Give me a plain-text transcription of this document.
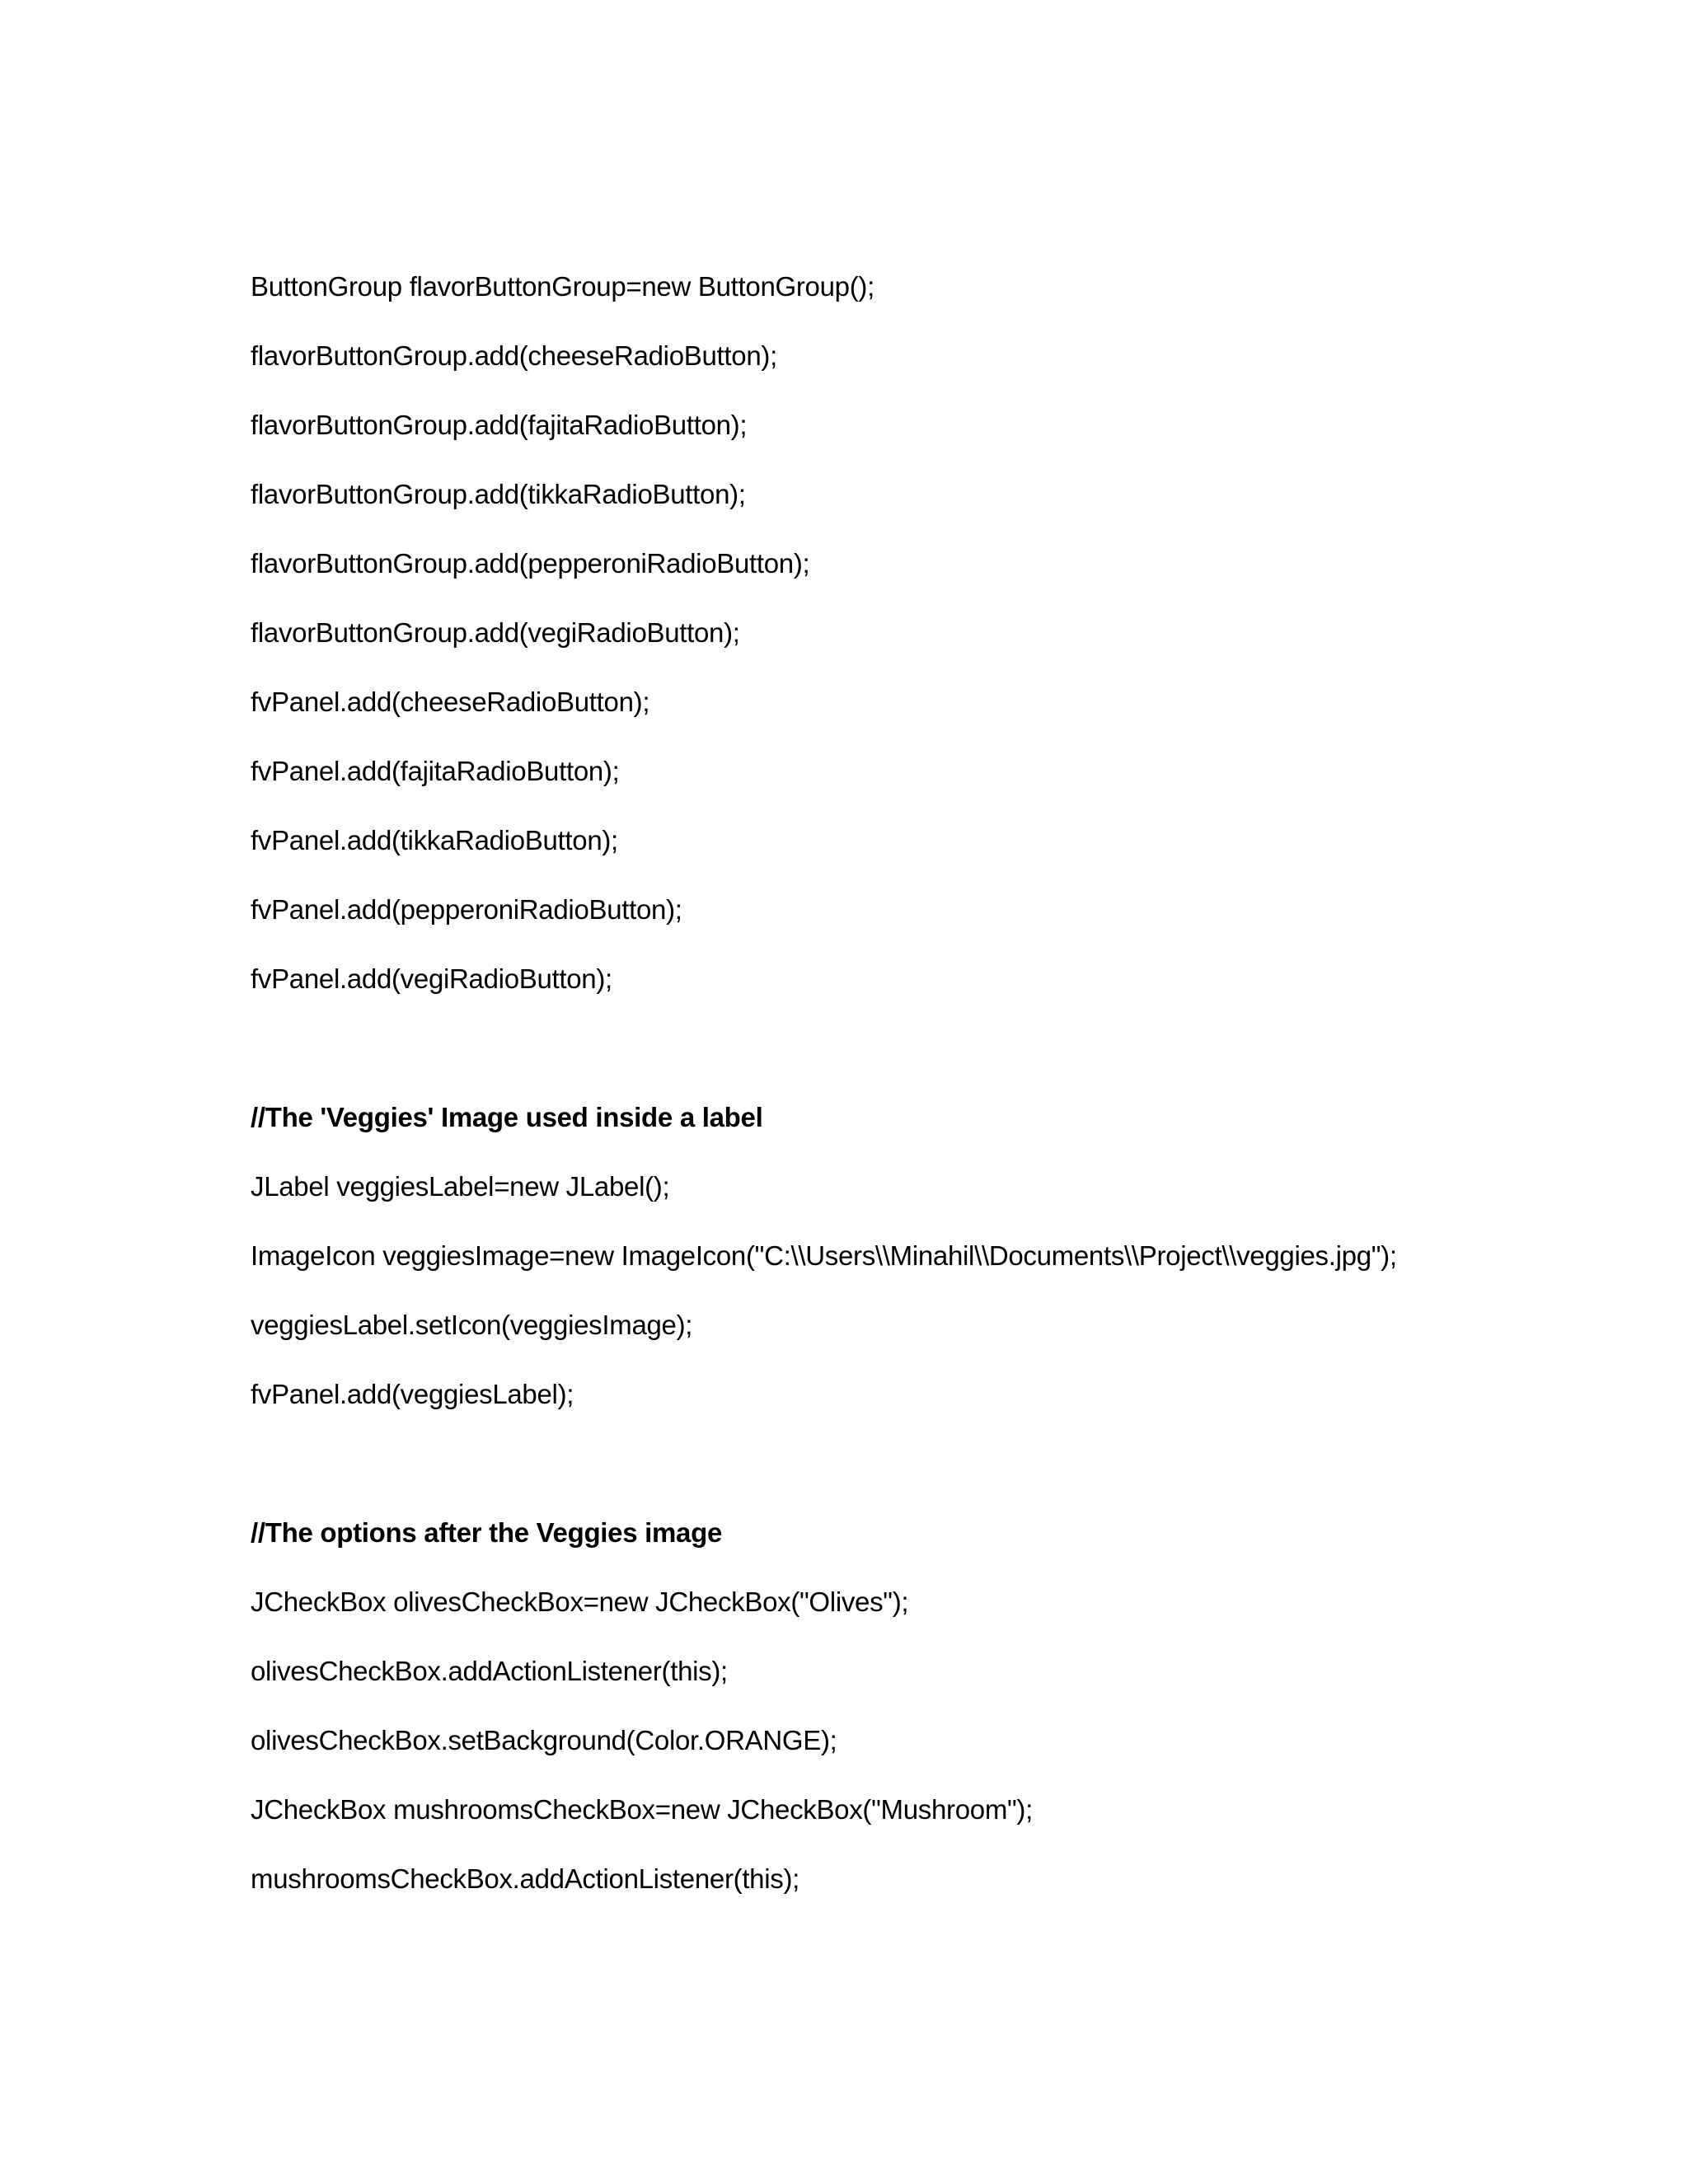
ButtonGroup flavorButtonGroup=new ButtonGroup();
flavorButtonGroup.add(cheeseRadioButton);
flavorButtonGroup.add(fajitaRadioButton);
flavorButtonGroup.add(tikkaRadioButton);
flavorButtonGroup.add(pepperoniRadioButton);
flavorButtonGroup.add(vegiRadioButton);
fvPanel.add(cheeseRadioButton);
fvPanel.add(fajitaRadioButton);
fvPanel.add(tikkaRadioButton);
fvPanel.add(pepperoniRadioButton);
fvPanel.add(vegiRadioButton);
//The 'Veggies' Image used inside a label
JLabel veggiesLabel=new JLabel();
ImageIcon veggiesImage=new ImageIcon("C:\\Users\\Minahil\\Documents\\Project\\veggies.jpg");
veggiesLabel.setIcon(veggiesImage);
fvPanel.add(veggiesLabel);
//The options after the Veggies image
JCheckBox olivesCheckBox=new JCheckBox("Olives");
olivesCheckBox.addActionListener(this);
olivesCheckBox.setBackground(Color.ORANGE);
JCheckBox mushroomsCheckBox=new JCheckBox("Mushroom");
mushroomsCheckBox.addActionListener(this);
